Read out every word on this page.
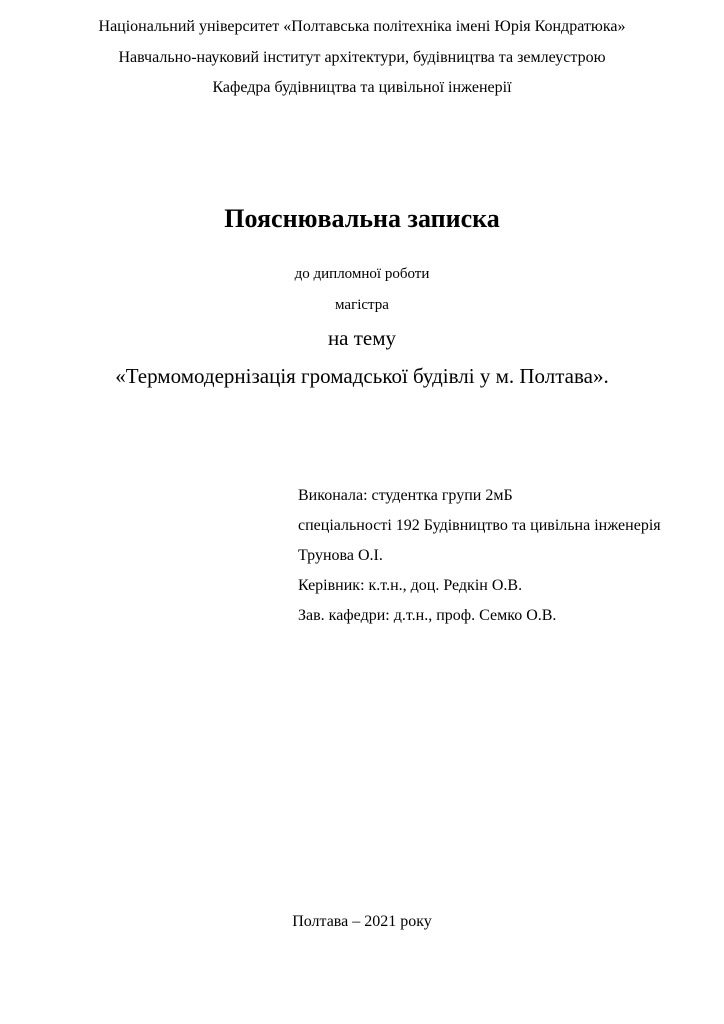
Національний університет «Полтавська політехніка імені Юрія Кондратюка»
Навчально-науковий інститут архітектури, будівництва та землеустрою
Кафедра будівництва та цивільної інженерії
Пояснювальна записка
до дипломної роботи
магістра
на тему
«Термомодернізація громадської будівлі у м. Полтава».
Виконала: студентка групи 2мБ
спеціальності 192 Будівництво та цивільна інженерія
Трунова О.І.
Керівник: к.т.н., доц. Редкін О.В.
Зав. кафедри: д.т.н., проф. Семко О.В.
Полтава – 2021 року
